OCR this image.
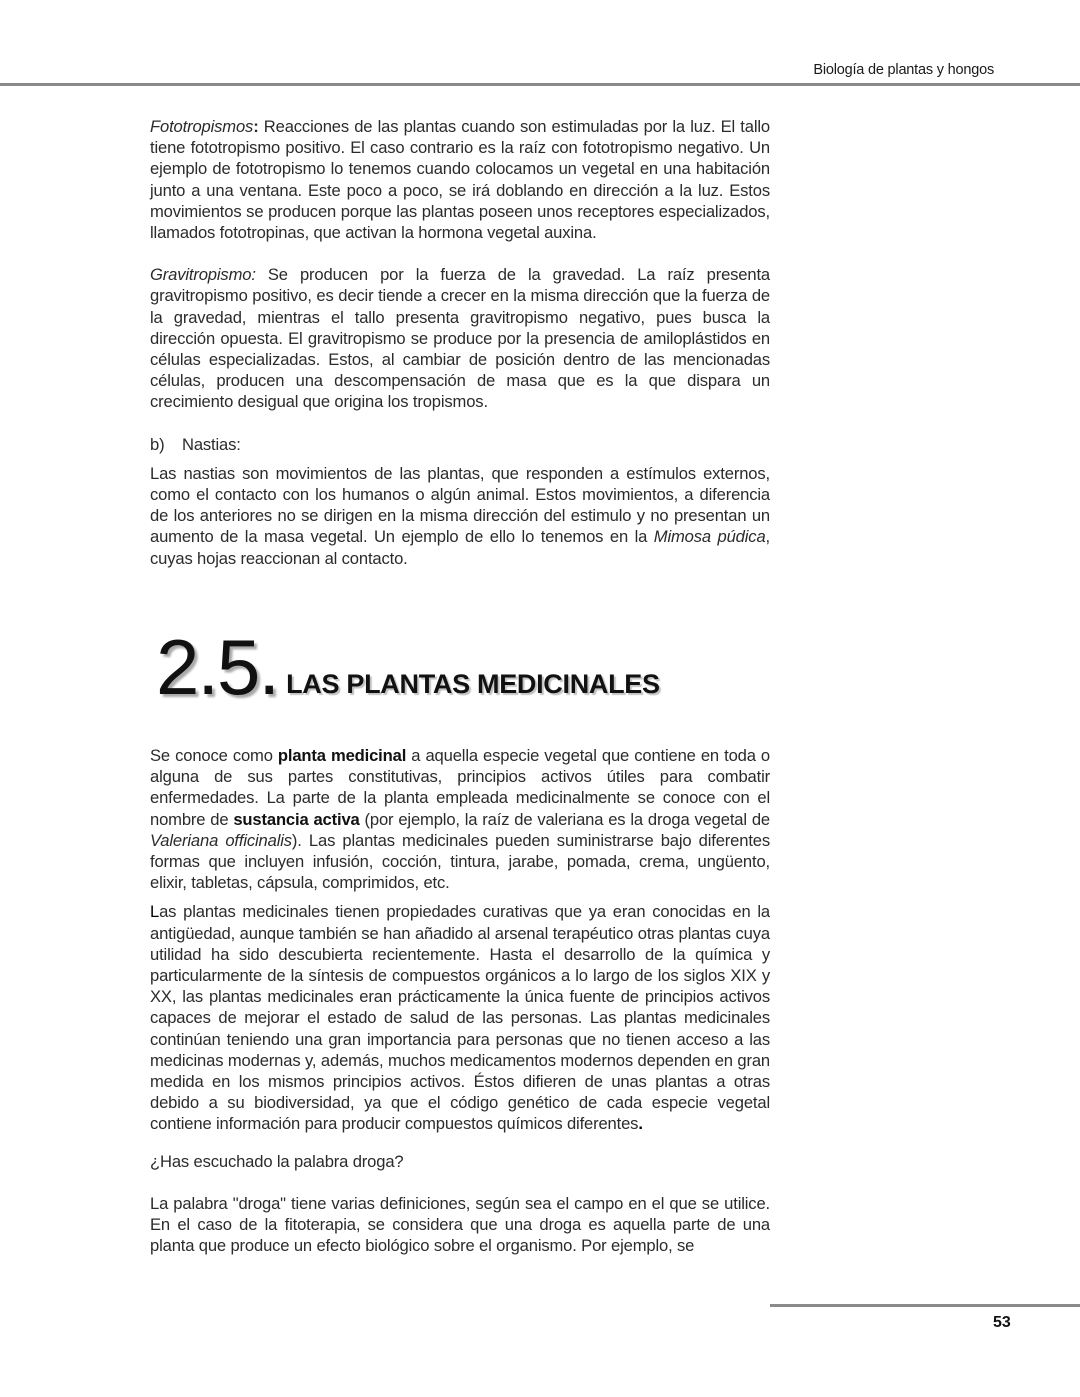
Biología de plantas y hongos

Fototropismos: Reacciones de las plantas cuando son estimuladas por la luz. El tallo tiene fototropismo positivo. El caso contrario es la raíz con fototropismo negativo. Un ejemplo de fototropismo lo tenemos cuando colocamos un vegetal en una habitación junto a una ventana. Este poco a poco, se irá doblando en dirección a la luz. Estos movimientos se producen porque las plantas poseen unos receptores especializados, llamados fototropinas, que activan la hormona vegetal auxina.

Gravitropismo: Se producen por la fuerza de la gravedad. La raíz presenta gravitropismo positivo, es decir tiende a crecer en la misma dirección que la fuerza de la gravedad, mientras el tallo presenta gravitropismo negativo, pues busca la dirección opuesta. El gravitropismo se produce por la presencia de amiloplástidos en células especializadas. Estos, al cambiar de posición dentro de las mencionadas células, producen una descompensación de masa que es la que dispara un crecimiento desigual que origina los tropismos.

b) Nastias:

Las nastias son movimientos de las plantas, que responden a estímulos externos, como el contacto con los humanos o algún animal. Estos movimientos, a diferencia de los anteriores no se dirigen en la misma dirección del estimulo y no presentan un aumento de la masa vegetal. Un ejemplo de ello lo tenemos en la Mimosa púdica, cuyas hojas reaccionan al contacto.

2.5. LAS PLANTAS MEDICINALES

Se conoce como planta medicinal a aquella especie vegetal que contiene en toda o alguna de sus partes constitutivas, principios activos útiles para combatir enfermedades. La parte de la planta empleada medicinalmente se conoce con el nombre de sustancia activa (por ejemplo, la raíz de valeriana es la droga vegetal de Valeriana officinalis). Las plantas medicinales pueden suministrarse bajo diferentes formas que incluyen infusión, cocción, tintura, jarabe, pomada, crema, ungüento, elixir, tabletas, cápsula, comprimidos, etc.

Las plantas medicinales tienen propiedades curativas que ya eran conocidas en la antigüedad, aunque también se han añadido al arsenal terapéutico otras plantas cuya utilidad ha sido descubierta recientemente. Hasta el desarrollo de la química y particularmente de la síntesis de compuestos orgánicos a lo largo de los siglos XIX y XX, las plantas medicinales eran prácticamente la única fuente de principios activos capaces de mejorar el estado de salud de las personas. Las plantas medicinales continúan teniendo una gran importancia para personas que no tienen acceso a las medicinas modernas y, además, muchos medicamentos modernos dependen en gran medida en los mismos principios activos. Éstos difieren de unas plantas a otras debido a su biodiversidad, ya que el código genético de cada especie vegetal contiene información para producir compuestos químicos diferentes.

¿Has escuchado la palabra droga?

La palabra "droga" tiene varias definiciones, según sea el campo en el que se utilice. En el caso de la fitoterapia, se considera que una droga es aquella parte de una planta que produce un efecto biológico sobre el organismo. Por ejemplo, se

53
